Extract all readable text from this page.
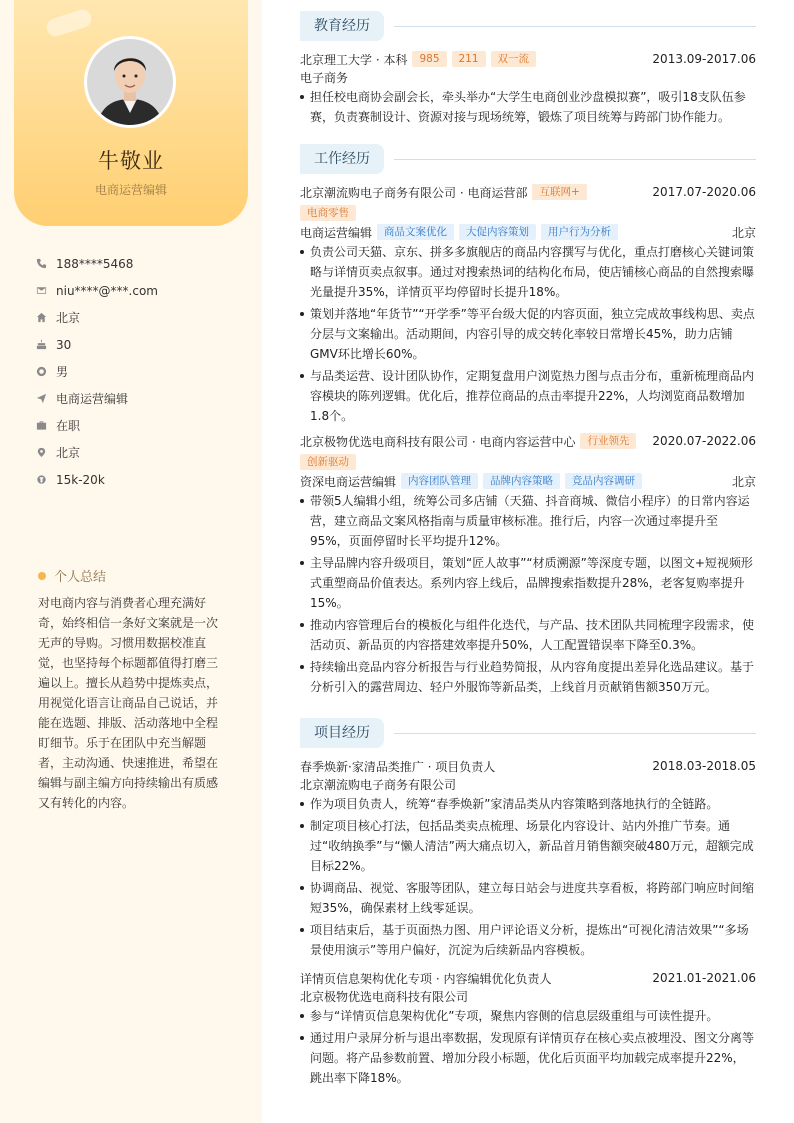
牛敬业
电商运营编辑
188****5468
niu****@***.com
北京
30
男
电商运营编辑
在职
北京
15k-20k
个人总结
对电商内容与消费者心理充满好奇，始终相信一条好文案就是一次无声的导购。习惯用数据校准直觉，也坚持每个标题都值得打磨三遍以上。擅长从趋势中提炼卖点，用视觉化语言让商品自己说话，并能在选题、排版、活动落地中全程盯细节。乐于在团队中充当解题者，主动沟通、快速推进，希望在编辑与副主编方向持续输出有质感又有转化的内容。
教育经历
北京理工大学 · 本科	985	211	双一流	2013.09-2017.06
电子商务
担任校电商协会副会长，牵头举办“大学生电商创业沙盘模拟赛”，吸引18支队伍参赛，负责赛制设计、资源对接与现场统筹，锻炼了项目统筹与跨部门协作能力。
工作经历
北京潮流购电子商务有限公司 · 电商运营部	互联网+	2017.07-2020.06
电商零售
电商运营编辑	商品文案优化	大促内容策划	用户行为分析	北京
负责公司天猫、京东、拼多多旗舰店的商品内容撰写与优化，重点打磨核心关键词策略与详情页卖点叙事。通过对搜索热词的结构化布局，使店铺核心商品的自然搜索曝光量提升35%，详情页平均停留时长提升18%。
策划并落地“年货节”“开学季”等平台级大促的内容页面，独立完成故事线构思、卖点分层与文案输出。活动期间，内容引导的成交转化率较日常增长45%，助力店铺GMV环比增长60%。
与品类运营、设计团队协作，定期复盘用户浏览热力图与点击分布，重新梳理商品内容模块的陈列逻辑。优化后，推荐位商品的点击率提升22%，人均浏览商品数增加1.8个。
北京极物优选电商科技有限公司 · 电商内容运营中心	行业领先	2020.07-2022.06
创新驱动
资深电商运营编辑	内容团队管理	品牌内容策略	竞品内容调研	北京
带领5人编辑小组，统筹公司多店铺（天猫、抖音商城、微信小程序）的日常内容运营，建立商品文案风格指南与质量审核标准。推行后，内容一次通过率提升至95%，页面停留时长平均提升12%。
主导品牌内容升级项目，策划“匠人故事”“材质溯源”等深度专题，以图文+短视频形式重塑商品价值表达。系列内容上线后，品牌搜索指数提升28%，老客复购率提升15%。
推动内容管理后台的模板化与组件化迭代，与产品、技术团队共同梳理字段需求，使活动页、新品页的内容搭建效率提升50%，人工配置错误率下降至0.3%。
持续输出竞品内容分析报告与行业趋势简报，从内容角度提出差异化选品建议。基于分析引入的露营周边、轻户外服饰等新品类，上线首月贡献销售额350万元。
项目经历
春季焕新·家清品类推广 · 项目负责人	2018.03-2018.05
北京潮流购电子商务有限公司
作为项目负责人，统筹“春季焕新”家清品类从内容策略到落地执行的全链路。
制定项目核心打法，包括品类卖点梳理、场景化内容设计、站内外推广节奏。通过“收纳换季”与“懒人清洁”两大痛点切入，新品首月销售额突破480万元，超额完成目标22%。
协调商品、视觉、客服等团队，建立每日站会与进度共享看板，将跨部门响应时间缩短35%，确保素材上线零延误。
项目结束后，基于页面热力图、用户评论语义分析，提炼出“可视化清洁效果”“多场景使用演示”等用户偏好，沉淀为后续新品内容模板。
详情页信息架构优化专项 · 内容编辑优化负责人	2021.01-2021.06
北京极物优选电商科技有限公司
参与“详情页信息架构优化”专项，聚焦内容侧的信息层级重组与可读性提升。
通过用户录屏分析与退出率数据，发现原有详情页存在核心卖点被埋没、图文分离等问题。将产品参数前置、增加分段小标题，优化后页面平均加载完成率提升22%，跳出率下降18%。
